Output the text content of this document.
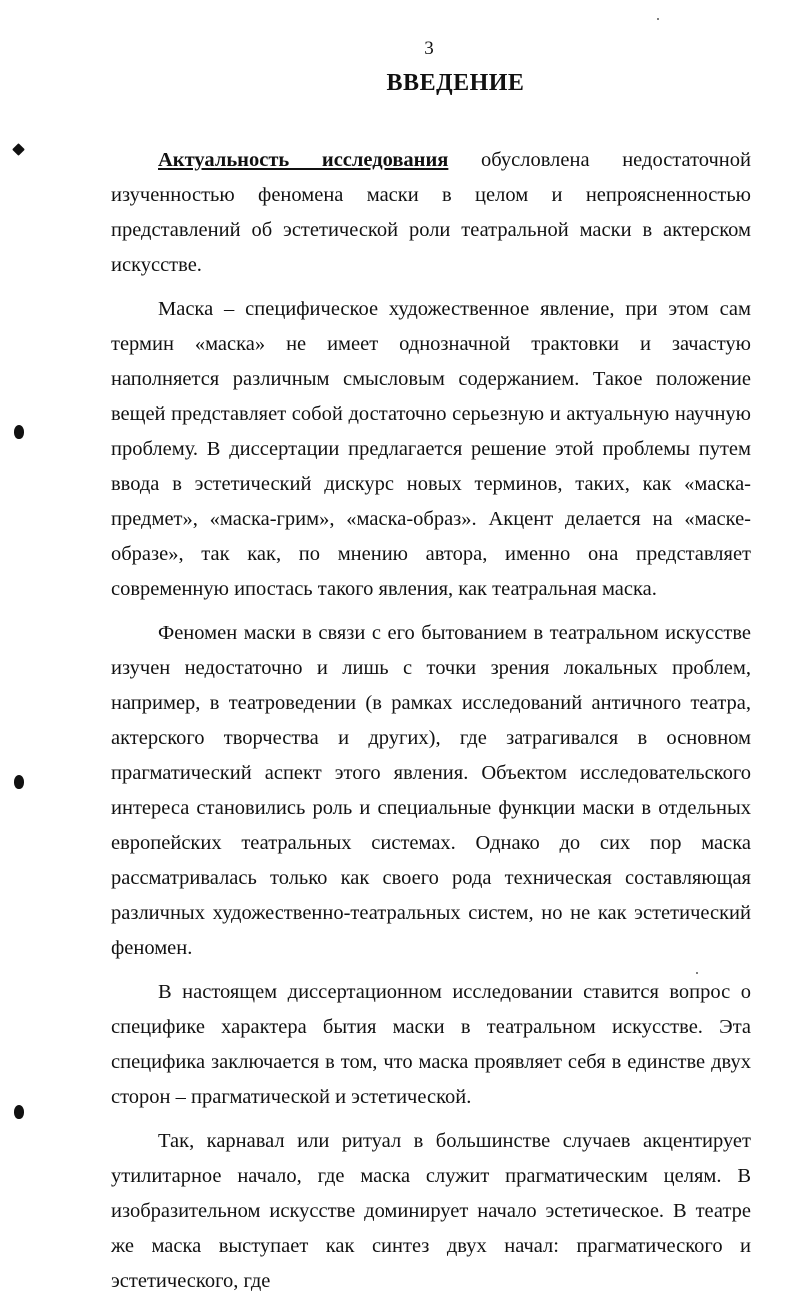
3
ВВЕДЕНИЕ

Актуальность исследования обусловлена недостаточной изученностью феномена маски в целом и непроясненностью представлений об эстетической роли театральной маски в актерском искусстве.

Маска – специфическое художественное явление, при этом сам термин «маска» не имеет однозначной трактовки и зачастую наполняется различным смысловым содержанием. Такое положение вещей представляет собой достаточно серьезную и актуальную научную проблему. В диссертации предлагается решение этой проблемы путем ввода в эстетический дискурс новых терминов, таких, как «маска-предмет», «маска-грим», «маска-образ». Акцент делается на «маске-образе», так как, по мнению автора, именно она представляет современную ипостась такого явления, как театральная маска.

Феномен маски в связи с его бытованием в театральном искусстве изучен недостаточно и лишь с точки зрения локальных проблем, например, в театроведении (в рамках исследований античного театра, актерского творчества и других), где затрагивался в основном прагматический аспект этого явления. Объектом исследовательского интереса становились роль и специальные функции маски в отдельных европейских театральных системах. Однако до сих пор маска рассматривалась только как своего рода техническая составляющая различных художественно-театральных систем, но не как эстетический феномен.

В настоящем диссертационном исследовании ставится вопрос о специфике характера бытия маски в театральном искусстве. Эта специфика заключается в том, что маска проявляет себя в единстве двух сторон – прагматической и эстетической.

Так, карнавал или ритуал в большинстве случаев акцентирует утилитарное начало, где маска служит прагматическим целям. В изобразительном искусстве доминирует начало эстетическое. В театре же маска выступает как синтез двух начал: прагматического и эстетического, где
